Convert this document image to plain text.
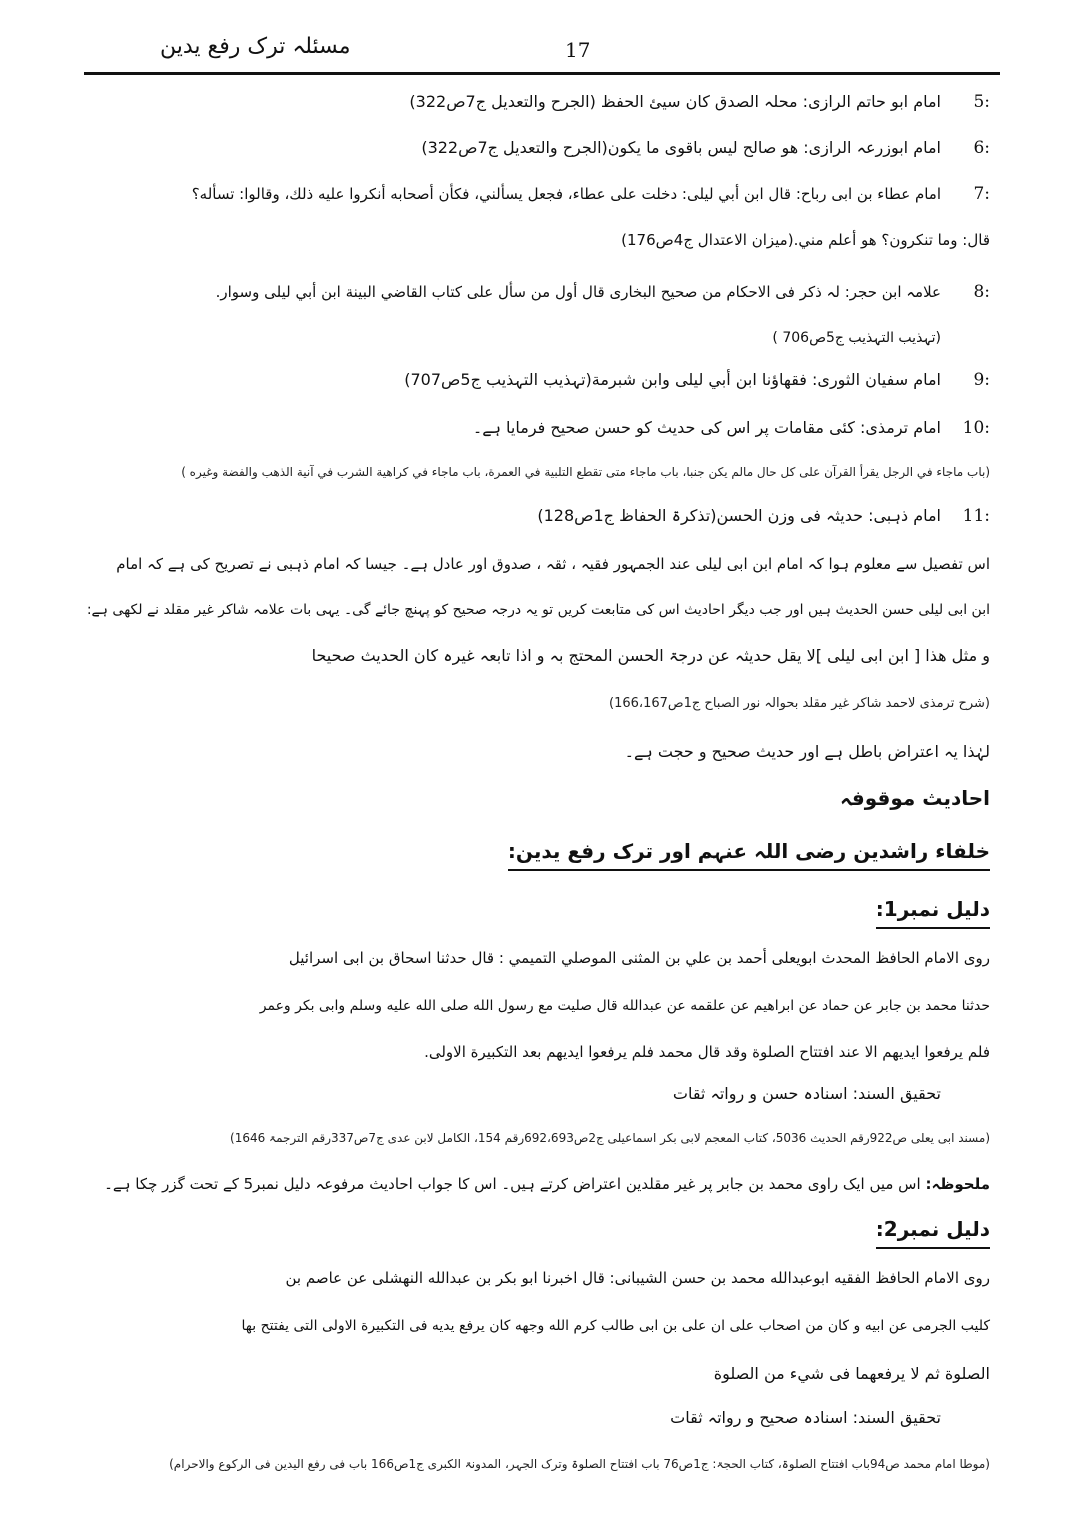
مسئلہ ترک رفع یدین	17
5:
امام ابو حاتم الرازی: محلہ الصدق کان سیئ الحفظ (الجرح والتعدیل ج7ص322)
6:
امام ابوزرعہ الرازی: ھو صالح لیس باقوی ما یکون(الجرح والتعدیل ج7ص322)
7:
امام عطاء بن ابی رباح: قال ابن أبي ليلى: دخلت على عطاء، فجعل يسألني، فكأن أصحابه أنكروا عليه ذلك، وقالوا: تسأله؟
قال: وما تنكرون؟ هو أعلم مني.(میزان الاعتدال ج4ص176)
8:
علامہ ابن حجر: لہ ذکر فی الاحکام من صحیح البخاری قال أول من سأل على كتاب القاضي البينة ابن أبي ليلى وسوار.
(تہذیب التہذیب ج5ص706 )
9:
امام سفیان الثوری: فقهاؤنا ابن أبي ليلى وابن شبرمة(تہذیب التہذیب ج5ص707)
10:
امام ترمذی: کئی مقامات پر اس کی حدیث کو حسن صحیح فرمایا ہے۔
(باب ماجاء في الرجل يقرأ القرآن على كل حال مالم يكن جنبا، باب ماجاء متى تقطع التلبية في العمرة، باب ماجاء في كراهية الشرب في آنية الذهب والفضة وغيره )
11:
امام ذہبی: حدیثہ فی وزن الحسن(تذکرۃ الحفاظ ج1ص128)
اس تفصیل سے معلوم ہوا کہ امام ابن ابی لیلی عند الجمہور فقیہ ، ثقہ ، صدوق اور عادل ہے۔ جیسا کہ امام ذہبی نے تصریح کی ہے کہ امام
ابن ابی لیلی حسن الحدیث ہیں اور جب دیگر احادیث اس کی متابعت کریں تو یہ درجہ صحیح کو پہنچ جائے گی۔ یہی بات علامہ شاکر غیر مقلد نے لکھی ہے:
و مثل ھذا [ ابن ابی لیلی ]لا یقل حدیثہ عن درجۃ الحسن المحتج بہ و اذا تابعہ غیرہ کان الحدیث صحیحا
(شرح ترمذی لاحمد شاکر غیر مقلد بحوالہ نور الصباح ج1ص166،167)
لہٰذا یہ اعتراض باطل ہے اور حدیث صحیح و حجت ہے۔
احادیث موقوفہ
خلفاء راشدین رضی اللہ عنہم اور ترک رفع یدین:
دلیل نمبر1:
روی الامام الحافظ المحدث ابویعلی أحمد بن علي بن المثنى الموصلي التميمي : قال حدثنا اسحاق بن ابی اسرائیل
حدثنا محمد بن جابر عن حماد عن ابراهیم عن علقمه عن عبدالله قال صلیت مع رسول الله صلی الله علیه وسلم وابی بکر وعمر
فلم یرفعوا ایدیهم الا عند افتتاح الصلوة وقد قال محمد فلم یرفعوا ایدیهم بعد التکبیرة الاولی.
تحقیق السند: اسنادہ حسن و رواتہ ثقات
(مسند ابی یعلی ص922رقم الحدیث 5036، کتاب المعجم لابی بکر اسماعیلی ج2ص692،693رقم 154، الکامل لابن عدی ج7ص337رقم الترجمۃ 1646)
ملحوظہ: اس میں ایک راوی محمد بن جابر پر غیر مقلدین اعتراض کرتے ہیں۔ اس کا جواب احادیث مرفوعہ دلیل نمبر5 کے تحت گزر چکا ہے۔
دلیل نمبر2:
روی الامام الحافظ الفقیه ابوعبدالله محمد بن حسن الشیبانی: قال اخبرنا ابو بکر بن عبدالله النهشلی عن عاصم بن
کلیب الجرمی عن ابیه و کان من اصحاب علی ان علی بن ابی طالب کرم الله وجهه کان یرفع یدیه فی التکبیرة الاولی التی یفتتح بها
الصلوة ثم لا یرفعهما فی شيء من الصلوة
تحقیق السند: اسنادہ صحیح و رواتہ ثقات
(موطا امام محمد ص94باب افتتاح الصلوۃ، کتاب الحجۃ: ج1ص76 باب افتتاح الصلوۃ وترک الجہر، المدونۃ الکبری ج1ص166 باب فی رفع الیدین فی الرکوع والاحرام)
